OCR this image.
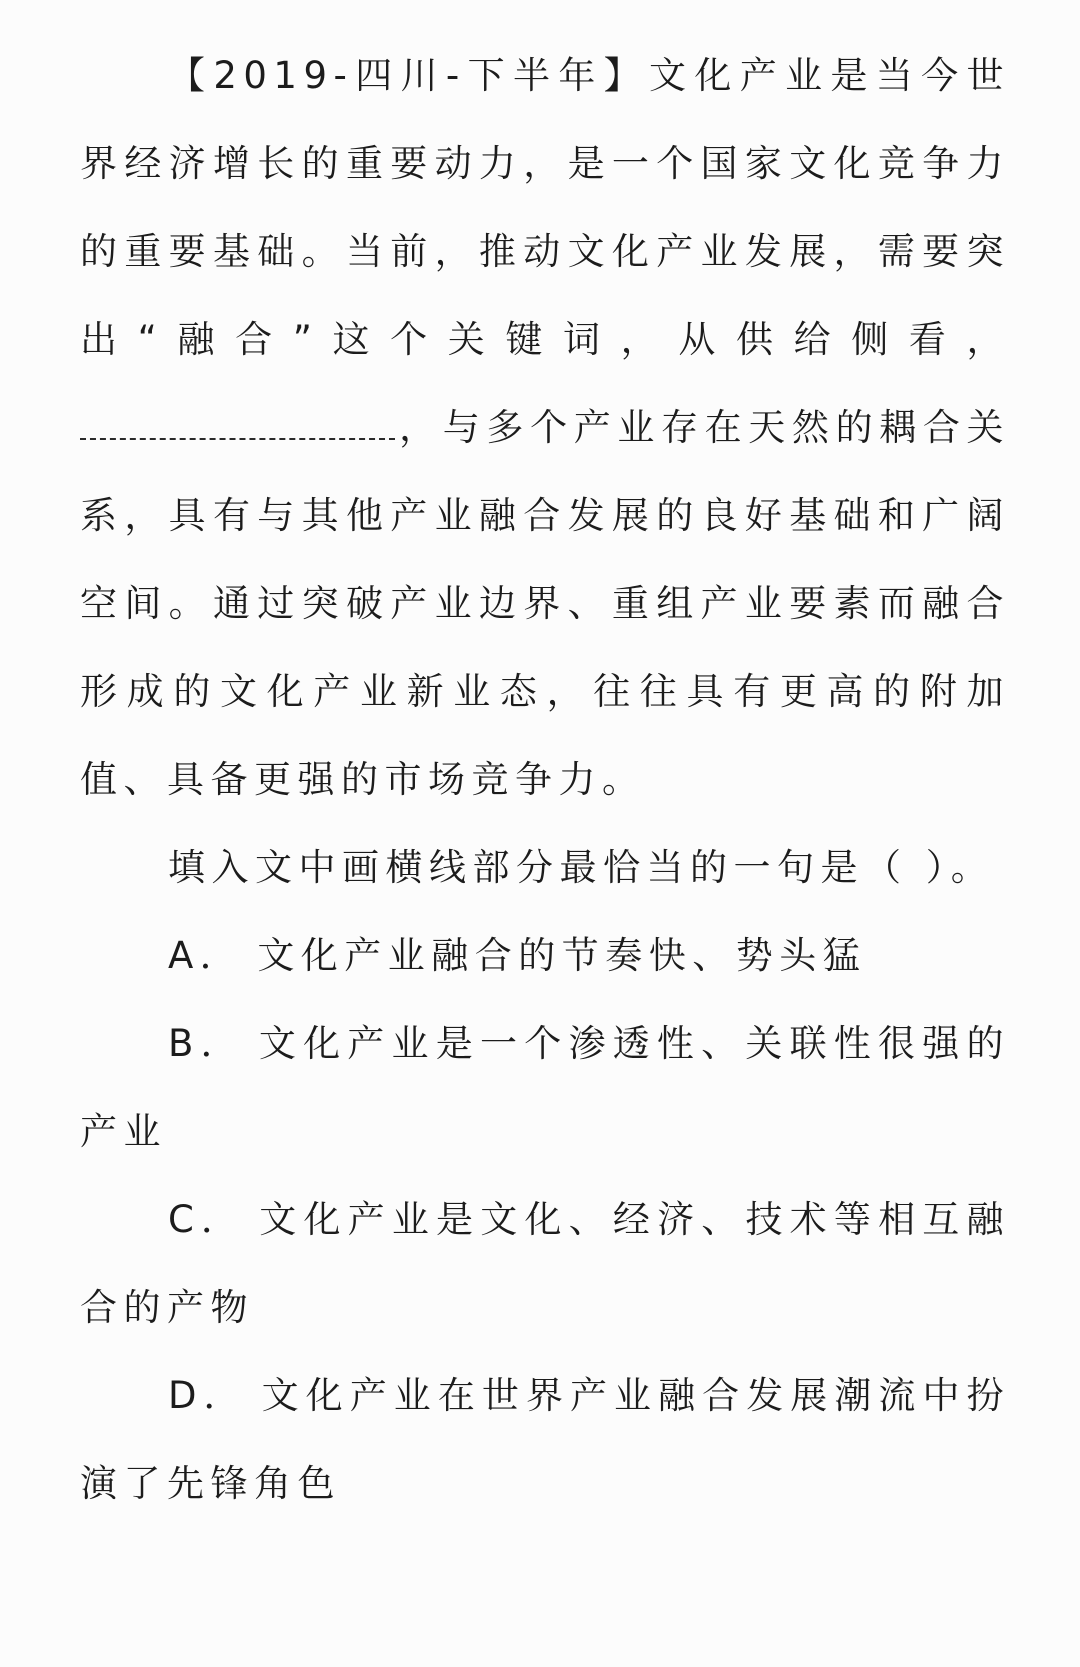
【2019-四川-下半年】文化产业是当今世界经济增长的重要动力，是一个国家文化竞争力的重要基础。当前，推动文化产业发展，需要突出“融合”这个关键词，从供给侧看，，与多个产业存在天然的耦合关系，具有与其他产业融合发展的良好基础和广阔空间。通过突破产业边界、重组产业要素而融合形成的文化产业新业态，往往具有更高的附加值、具备更强的市场竞争力。

填入文中画横线部分最恰当的一句是（ ）。

A． 文化产业融合的节奏快、势头猛

B． 文化产业是一个渗透性、关联性很强的产业

C． 文化产业是文化、经济、技术等相互融合的产物

D． 文化产业在世界产业融合发展潮流中扮演了先锋角色
